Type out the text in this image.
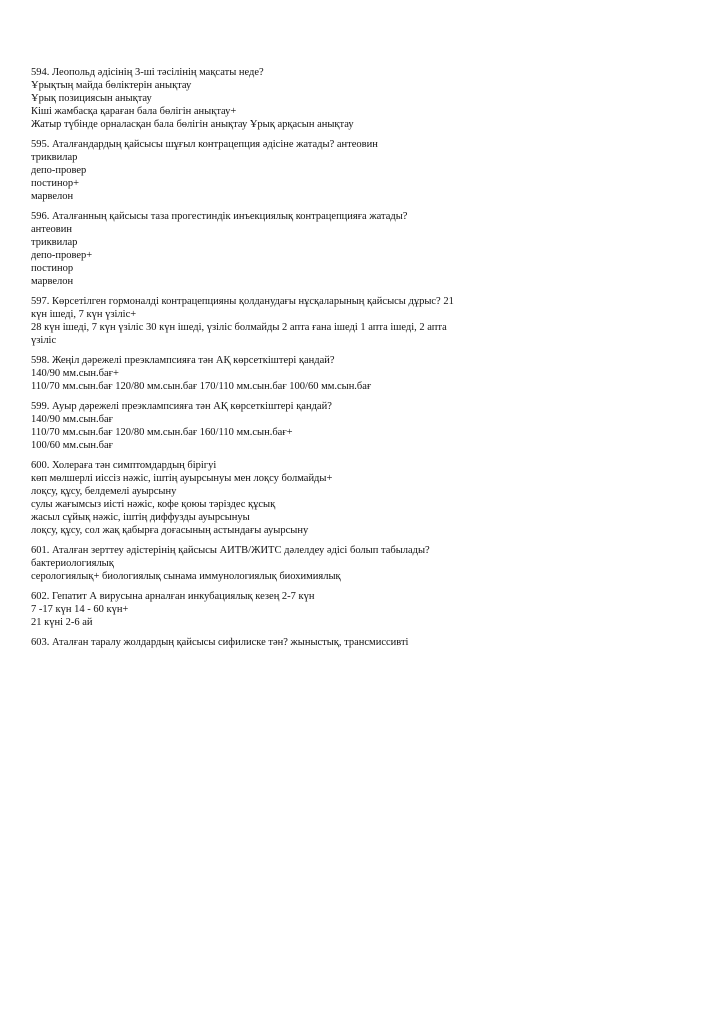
594. Леопольд әдісінің 3-ші тәсілінің мақсаты неде?
Ұрықтың майда бөліктерін анықтау
Ұрық позициясын анықтау
Кіші жамбасқа қараған бала бөлігін анықтау+
Жатыр түбінде орналасқан бала бөлігін анықтау Ұрық арқасын анықтау
595. Аталғандардың қайсысы шұғыл контрацепция әдісіне жатады? антеовин
триквилар
депо-провер
постинор+
марвелон
596. Аталғанның қайсысы таза прогестиндік инъекциялық контрацепцияға жатады?
антеовин
триквилар
депо-провер+
постинор
марвелон
597. Көрсетілген гормоналді контрацепцияны қолданудағы нұсқаларының қайсысы дұрыс? 21 күн ішеді, 7 күн үзіліс+
28 күн ішеді, 7 күн үзіліс 30 күн ішеді, үзіліс болмайды 2 апта ғана ішеді 1 апта ішеді, 2 апта үзіліс
598. Жеңіл дәрежелі преэклампсияға тән АҚ көрсеткіштері қандай?
140/90 мм.сын.бағ+
110/70 мм.сын.бағ 120/80 мм.сын.бағ 170/110 мм.сын.бағ 100/60 мм.сын.бағ
599. Ауыр дәрежелі преэклампсияға тән АҚ көрсеткіштері қандай?
140/90 мм.сын.бағ
110/70 мм.сын.бағ 120/80 мм.сын.бағ 160/110 мм.сын.бағ+
100/60 мм.сын.бағ
600. Холераға тән симптомдардың бірігуі
көп мөлшерлі иіссіз нәжіс, іштің ауырсынуы мен лоқсу болмайды+
лоқсу, құсу, белдемелі ауырсыну
сулы жағымсыз иісті нәжіс, кофе қоюы тәріздес құсық
жасыл сұйық нәжіс, іштің диффузды ауырсынуы
лоқсу, құсу, сол жақ қабырға доғасының астындағы ауырсыну
601. Аталған зерттеу әдістерінің қайсысы АИТВ/ЖИТС дәлелдеу әдісі болып табылады? бактериологиялық
серологиялық+ биологиялық сынама иммунологиялық биохимиялық
602. Гепатит А вирусына арналған инкубациялық кезең 2-7 күн
7 -17 күн 14 - 60 күн+
21 күні 2-6 ай
603. Аталған таралу жолдардың қайсысы сифилиске тән? жыныстық, трансмиссивті
